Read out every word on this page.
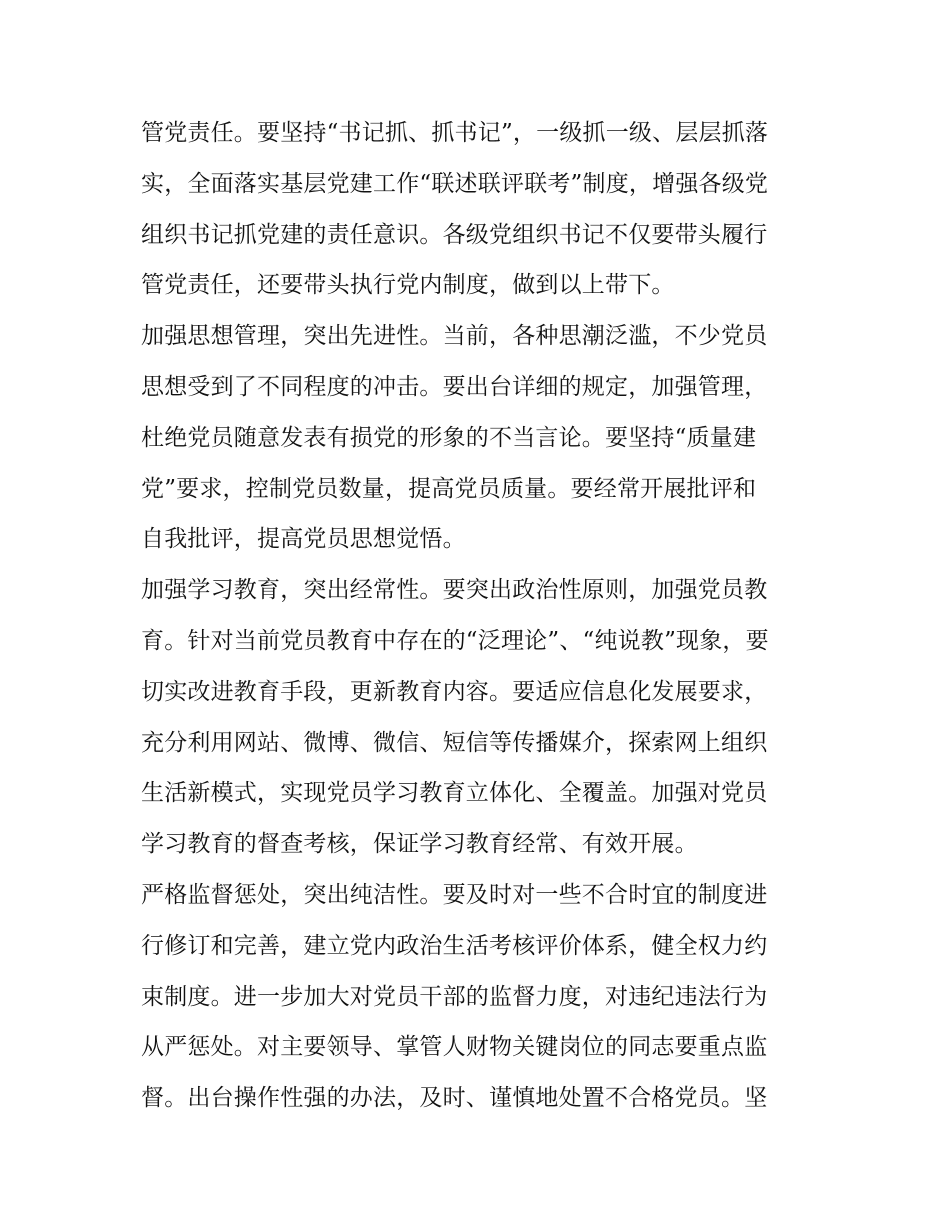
管党责任。要坚持“书记抓、抓书记”，一级抓一级、层层抓落
实，全面落实基层党建工作“联述联评联考”制度，增强各级党
组织书记抓党建的责任意识。各级党组织书记不仅要带头履行
管党责任，还要带头执行党内制度，做到以上带下。
加强思想管理，突出先进性。当前，各种思潮泛滥，不少党员
思想受到了不同程度的冲击。要出台详细的规定，加强管理，
杜绝党员随意发表有损党的形象的不当言论。要坚持“质量建
党”要求，控制党员数量，提高党员质量。要经常开展批评和
自我批评，提高党员思想觉悟。
加强学习教育，突出经常性。要突出政治性原则，加强党员教
育。针对当前党员教育中存在的“泛理论”、“纯说教”现象，要
切实改进教育手段，更新教育内容。要适应信息化发展要求，
充分利用网站、微博、微信、短信等传播媒介，探索网上组织
生活新模式，实现党员学习教育立体化、全覆盖。加强对党员
学习教育的督查考核，保证学习教育经常、有效开展。
严格监督惩处，突出纯洁性。要及时对一些不合时宜的制度进
行修订和完善，建立党内政治生活考核评价体系，健全权力约
束制度。进一步加大对党员干部的监督力度，对违纪违法行为
从严惩处。对主要领导、掌管人财物关键岗位的同志要重点监
督。出台操作性强的办法，及时、谨慎地处置不合格党员。坚
